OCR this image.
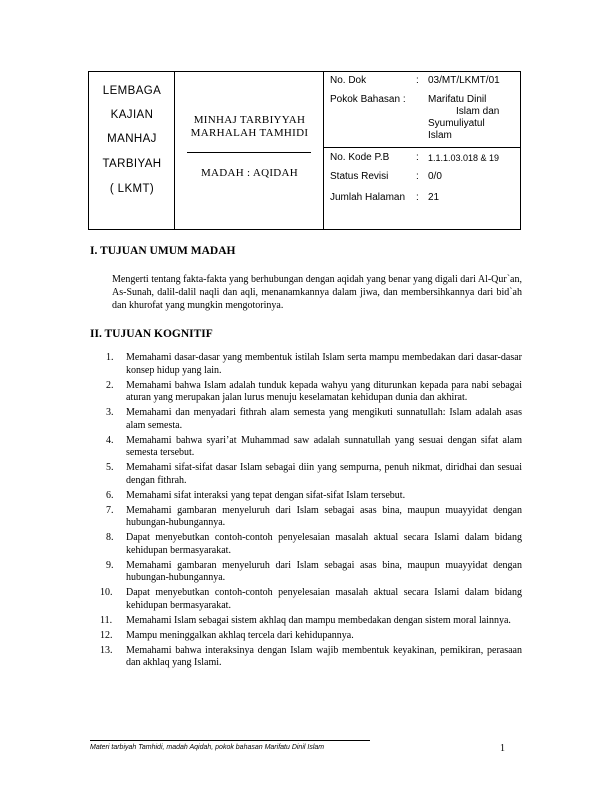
LEMBAGA
KAJIAN
MANHAJ
TARBIYAH
( LKMT)
MINHAJ TARBIYYAH
MARHALAH TAMHIDI
MADAH : AQIDAH
No. Dok	: 03/MT/LKMT/01
Pokok Bahasan : Marifatu Dinil
Islam dan
Syumuliyatul
Islam
No. Kode P.B	: 1.1.1.03.018 & 19
Status Revisi	: 0/0
Jumlah Halaman : 21
I. TUJUAN UMUM MADAH

Mengerti tentang fakta-fakta yang berhubungan dengan aqidah yang benar yang digali dari Al-Qur`an, As-Sunah, dalil-dalil naqli dan aqli, menanamkannya dalam jiwa, dan membersihkannya dari bid`ah dan khurofat yang mungkin mengotorinya.

II. TUJUAN KOGNITIF
1. Memahami dasar-dasar yang membentuk istilah Islam serta mampu membedakan dari dasar-dasar konsep hidup yang lain.
2. Memahami bahwa Islam adalah tunduk kepada wahyu yang diturunkan kepada para nabi sebagai aturan yang merupakan jalan lurus menuju keselamatan kehidupan dunia dan akhirat.
3. Memahami dan menyadari fithrah alam semesta yang mengikuti sunnatullah: Islam adalah asas alam semesta.
4. Memahami bahwa syari’at Muhammad saw adalah sunnatullah yang sesuai dengan sifat alam semesta tersebut.
5. Memahami sifat-sifat dasar Islam sebagai diin yang sempurna, penuh nikmat, diridhai dan sesuai dengan fithrah.
6. Memahami sifat interaksi yang tepat dengan sifat-sifat Islam tersebut.
7. Memahami gambaran menyeluruh dari Islam sebagai asas bina, maupun muayyidat dengan hubungan-hubungannya.
8. Dapat menyebutkan contoh-contoh penyelesaian masalah aktual secara Islami dalam bidang kehidupan bermasyarakat.
9. Memahami gambaran menyeluruh dari Islam sebagai asas bina, maupun muayyidat dengan hubungan-hubungannya.
10. Dapat menyebutkan contoh-contoh penyelesaian masalah aktual secara Islami dalam bidang kehidupan bermasyarakat.
11. Memahami Islam sebagai sistem akhlaq dan mampu membedakan dengan sistem moral lainnya.
12. Mampu meninggalkan akhlaq tercela dari kehidupannya.
13. Memahami bahwa interaksinya dengan Islam wajib membentuk keyakinan, pemikiran, perasaan dan akhlaq yang Islami.
Materi tarbiyah Tamhidi, madah Aqidah, pokok bahasan Marifatu Dinil Islam	1
